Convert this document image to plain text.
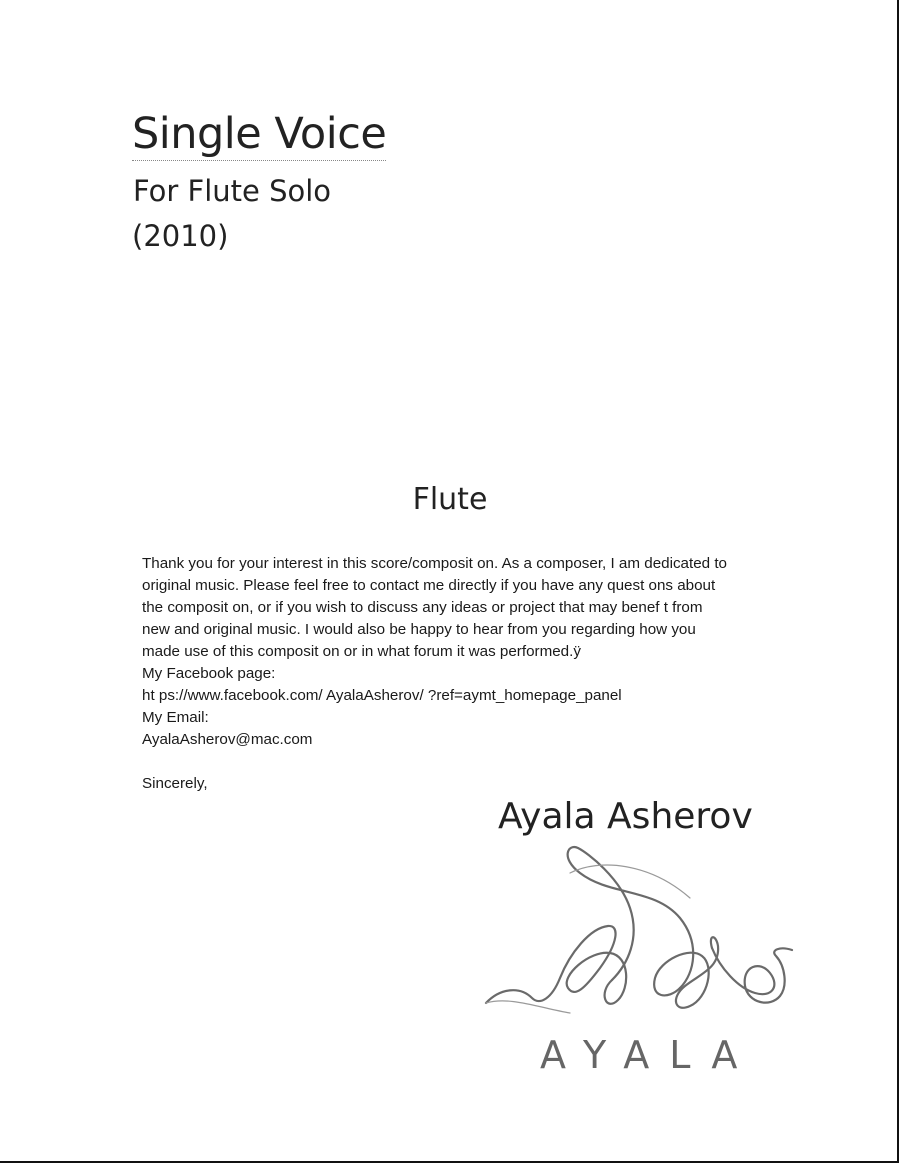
Single Voice
For Flute Solo
(2010)
Flute

Thank you for your interest in this score/composit on. As a composer, I am dedicated to

original music. Please feel free to contact me directly if you have any quest ons about

the composit on, or if you wish to discuss any ideas or project that may benef t from

new and original music. I would also be happy to hear from you regarding how you

made use of this composit on or in what forum it was performed.ÿ

My Facebook page:

ht ps://www.facebook.com/ AyalaAsherov/ ?ref=aymt_homepage_panel

My Email:

AyalaAsherov@mac.com

Sincerely,

Ayala Asherov
AYALA
